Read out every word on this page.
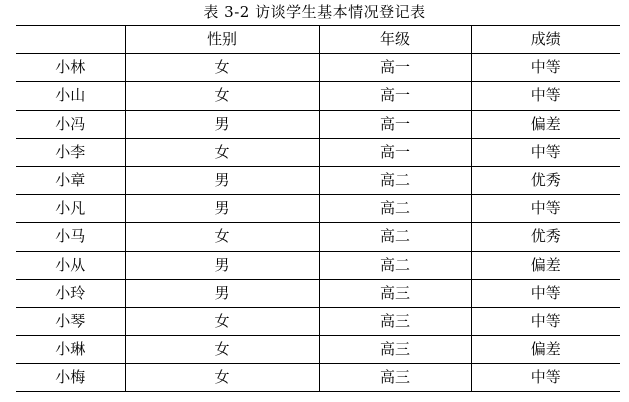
表 3-2 访谈学生基本情况登记表
	性别	年级	成绩
小林	女	高一	中等
小山	女	高一	中等
小冯	男	高一	偏差
小李	女	高一	中等
小章	男	高二	优秀
小凡	男	高二	中等
小马	女	高二	优秀
小从	男	高二	偏差
小玲	男	高三	中等
小琴	女	高三	中等
小琳	女	高三	偏差
小梅	女	高三	中等
